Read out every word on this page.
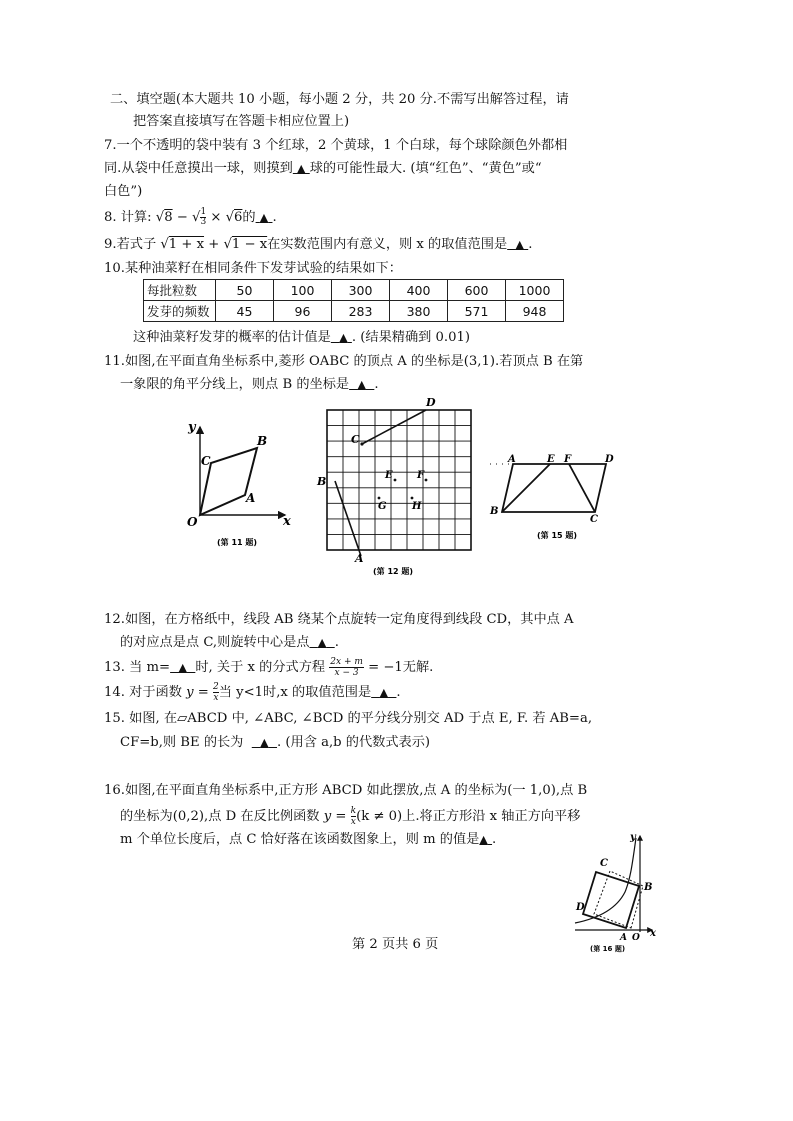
二、填空题(本大题共 10 小题，每小题 2 分，共 20 分.不需写出解答过程，请
把答案直接填写在答题卡相应位置上)
7.一个不透明的袋中装有 3 个红球，2 个黄球，1 个白球，每个球除颜色外都相
同.从袋中任意摸出一球，则摸到 ▲ 球的可能性最大. (填“红色”、“黄色”或“
白色”)
8. 计算: √8 − √ $\frac{1}{3} \times √6$的 ▲ .
9.若式子 √1 + x + √1 − x在实数范围内有意义，则 x 的取值范围是 ▲ .
10.某种油菜籽在相同条件下发芽试验的结果如下：
每批粒数	50	100	300	400	600	1000
发芽的频数	45	96	283	380	571	948
这种油菜籽发芽的概率的估计值是 ▲ . (结果精确到 0.01)
11.如图,在平面直角坐标系中,菱形 OABC 的顶点 A 的坐标是(3,1).若顶点 B 在第
一象限的角平分线上，则点 B 的坐标是 ▲ .
y
x
O
A
B
C
(第 11 题)
A
B
C
D
E F
G	H
(第 12 题)
A	E F	D
B
C
(第 15 题)
12.如图，在方格纸中，线段 AB 绕某个点旋转一定角度得到线段 CD，其中点 A
的对应点是点 C,则旋转中心是点 ▲ .
13. 当 m= ▲ 时, 关于 x 的分式方程 $\frac{2x + m}{x - 3} = -1$无解.
14. 对于函数 $y = \frac{2}{x}$ 当 y<1时,x 的取值范围是 ▲ .
15. 如图, 在▱ABCD 中, ∠ABC, ∠BCD 的平分线分别交 AD 于点 E, F. 若 AB=a,
CF=b,则 BE 的长为 ▲ . (用含 a,b 的代数式表示)
16.如图,在平面直角坐标系中,正方形 ABCD 如此摆放,点 A 的坐标为(一 1,0),点 B
的坐标为(0,2),点 D 在反比例函数 $y = \frac{k}{x} (k \ne 0)$上.将正方形沿 x 轴正方向平移
m 个单位长度后，点 C 恰好落在该函数图象上，则 m 的值是▲ .	y
x
O
A
B
C
D
(第 16 题)
第 2 页共 6 页
